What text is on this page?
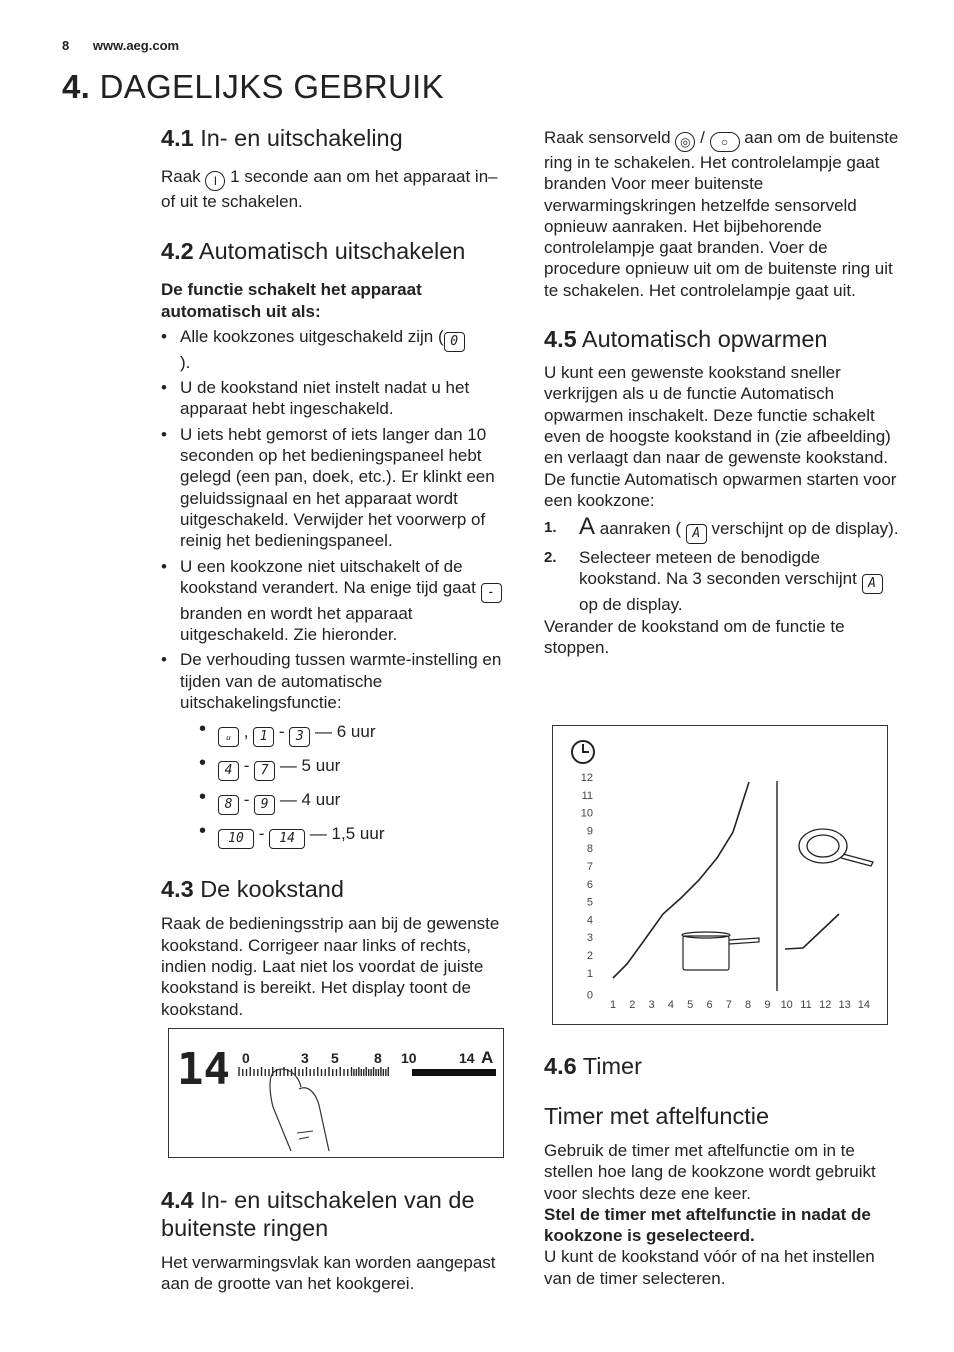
8 www.aeg.com
4. DAGELIJKS GEBRUIK
4.1 In- en uitschakeling

Raak I 1 seconde aan om het apparaat in– of uit te schakelen.

4.2 Automatisch uitschakelen

De functie schakelt het apparaat automatisch uit als:

• Alle kookzones uitgeschakeld zijn ( 0
).
• U de kookstand niet instelt nadat u het apparaat hebt ingeschakeld.
• U iets hebt gemorst of iets langer dan 10 seconden op het bedieningspaneel hebt gelegd (een pan, doek, etc.). Er klinkt een geluidssignaal en het apparaat wordt uitgeschakeld. Verwijder het voorwerp of reinig het bedieningspaneel.
• U een kookzone niet uitschakelt of de kookstand verandert. Na enige tijd gaat - branden en wordt het apparaat uitgeschakeld. Zie hieronder.
• De verhouding tussen warmte-instelling en tijden van de automatische uitschakelingsfunctie:
• ᵤ , 1 - 3 — 6 uur
• 4 - 7 — 5 uur
• 8 - 9 — 4 uur
• 10 - 14 — 1,5 uur
4.3 De kookstand

Raak de bedieningsstrip aan bij de gewenste kookstand. Corrigeer naar links of rechts, indien nodig. Laat niet los voordat de juiste kookstand is bereikt. Het display toont de kookstand.

14 0	3 5	8 10	14 A
4.4 In- en uitschakelen van de buitenste ringen

Het verwarmingsvlak kan worden aangepast aan de grootte van het kookgerei.

Raak sensorveld ◎ / ○ aan om de buitenste ring in te schakelen. Het controlelampje gaat branden Voor meer buitenste verwarmingskringen hetzelfde sensorveld opnieuw aanraken. Het bijbehorende controlelampje gaat branden. Voer de procedure opnieuw uit om de buitenste ring uit te schakelen. Het controlelampje gaat uit.

4.5 Automatisch opwarmen

U kunt een gewenste kookstand sneller verkrijgen als u de functie Automatisch opwarmen inschakelt. Deze functie schakelt even de hoogste kookstand in (zie afbeelding) en verlaagt dan naar de gewenste kookstand.

De functie Automatisch opwarmen starten voor een kookzone:

1. A aanraken ( A verschijnt op de display).
2. Selecteer meteen de benodigde kookstand. Na 3 seconden verschijnt A op de display.

Verander de kookstand om de functie te stoppen.

12
11
10
9
8
7
6
5
4
3
2
1
0
1 2 3 4 5 6 7 8 9 10 11 12 13 14
4.6 Timer
Timer met aftelfunctie

Gebruik de timer met aftelfunctie om in te stellen hoe lang de kookzone wordt gebruikt voor slechts deze ene keer.

Stel de timer met aftelfunctie in nadat de kookzone is geselecteerd.

U kunt de kookstand vóór of na het instellen van de timer selecteren.
